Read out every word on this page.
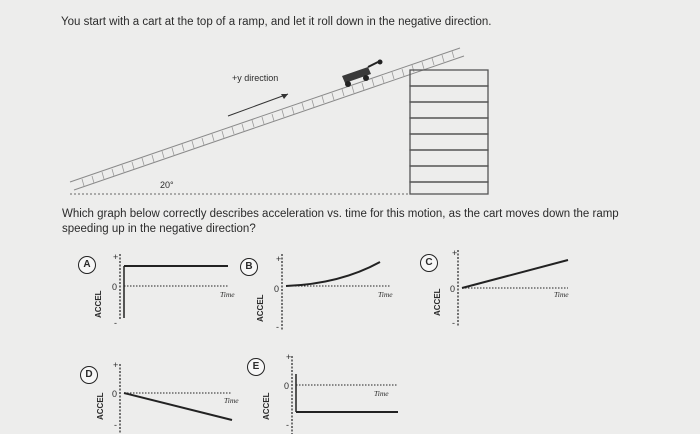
You start with a cart at the top of a ramp, and let it roll down in the negative direction.
+y direction
20°
Which graph below correctly describes acceleration vs. time for this motion, as the cart moves down the ramp
speeding up in the negative direction?
A
+
0
-
ACCEL	Time
B
+
0
-
ACCEL	Time
C
+
0
-
ACCEL	Time
D
+
0
-
ACCEL	Time
E
+
0
-
ACCEL	Time
